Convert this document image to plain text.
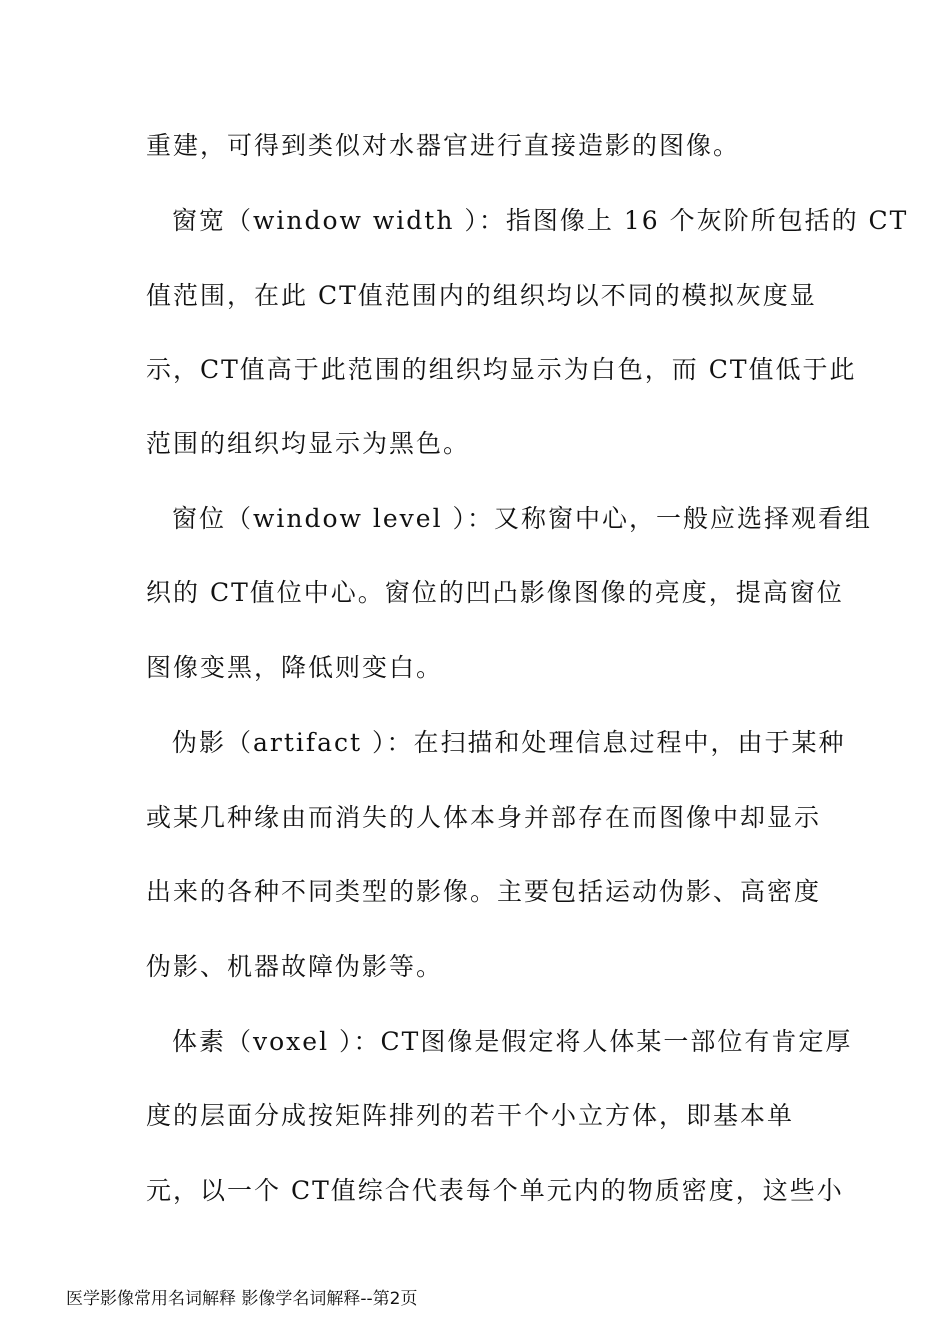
重建，可得到类似对水器官进行直接造影的图像。
窗宽（window width ）：指图像上 16 个灰阶所包括的 CT
值范围，在此 CT值范围内的组织均以不同的模拟灰度显
示，CT值高于此范围的组织均显示为白色，而 CT值低于此
范围的组织均显示为黑色。
窗位（window level ）：又称窗中心，一般应选择观看组
织的 CT值位中心。窗位的凹凸影像图像的亮度，提高窗位
图像变黑，降低则变白。
伪影（artifact ）：在扫描和处理信息过程中，由于某种
或某几种缘由而消失的人体本身并部存在而图像中却显示
出来的各种不同类型的影像。主要包括运动伪影、高密度
伪影、机器故障伪影等。
体素（voxel ）：CT图像是假定将人体某一部位有肯定厚
度的层面分成按矩阵排列的若干个小立方体，即基本单
元，以一个 CT值综合代表每个单元内的物质密度，这些小
医学影像常用名词解释 影像学名词解释--第2页
